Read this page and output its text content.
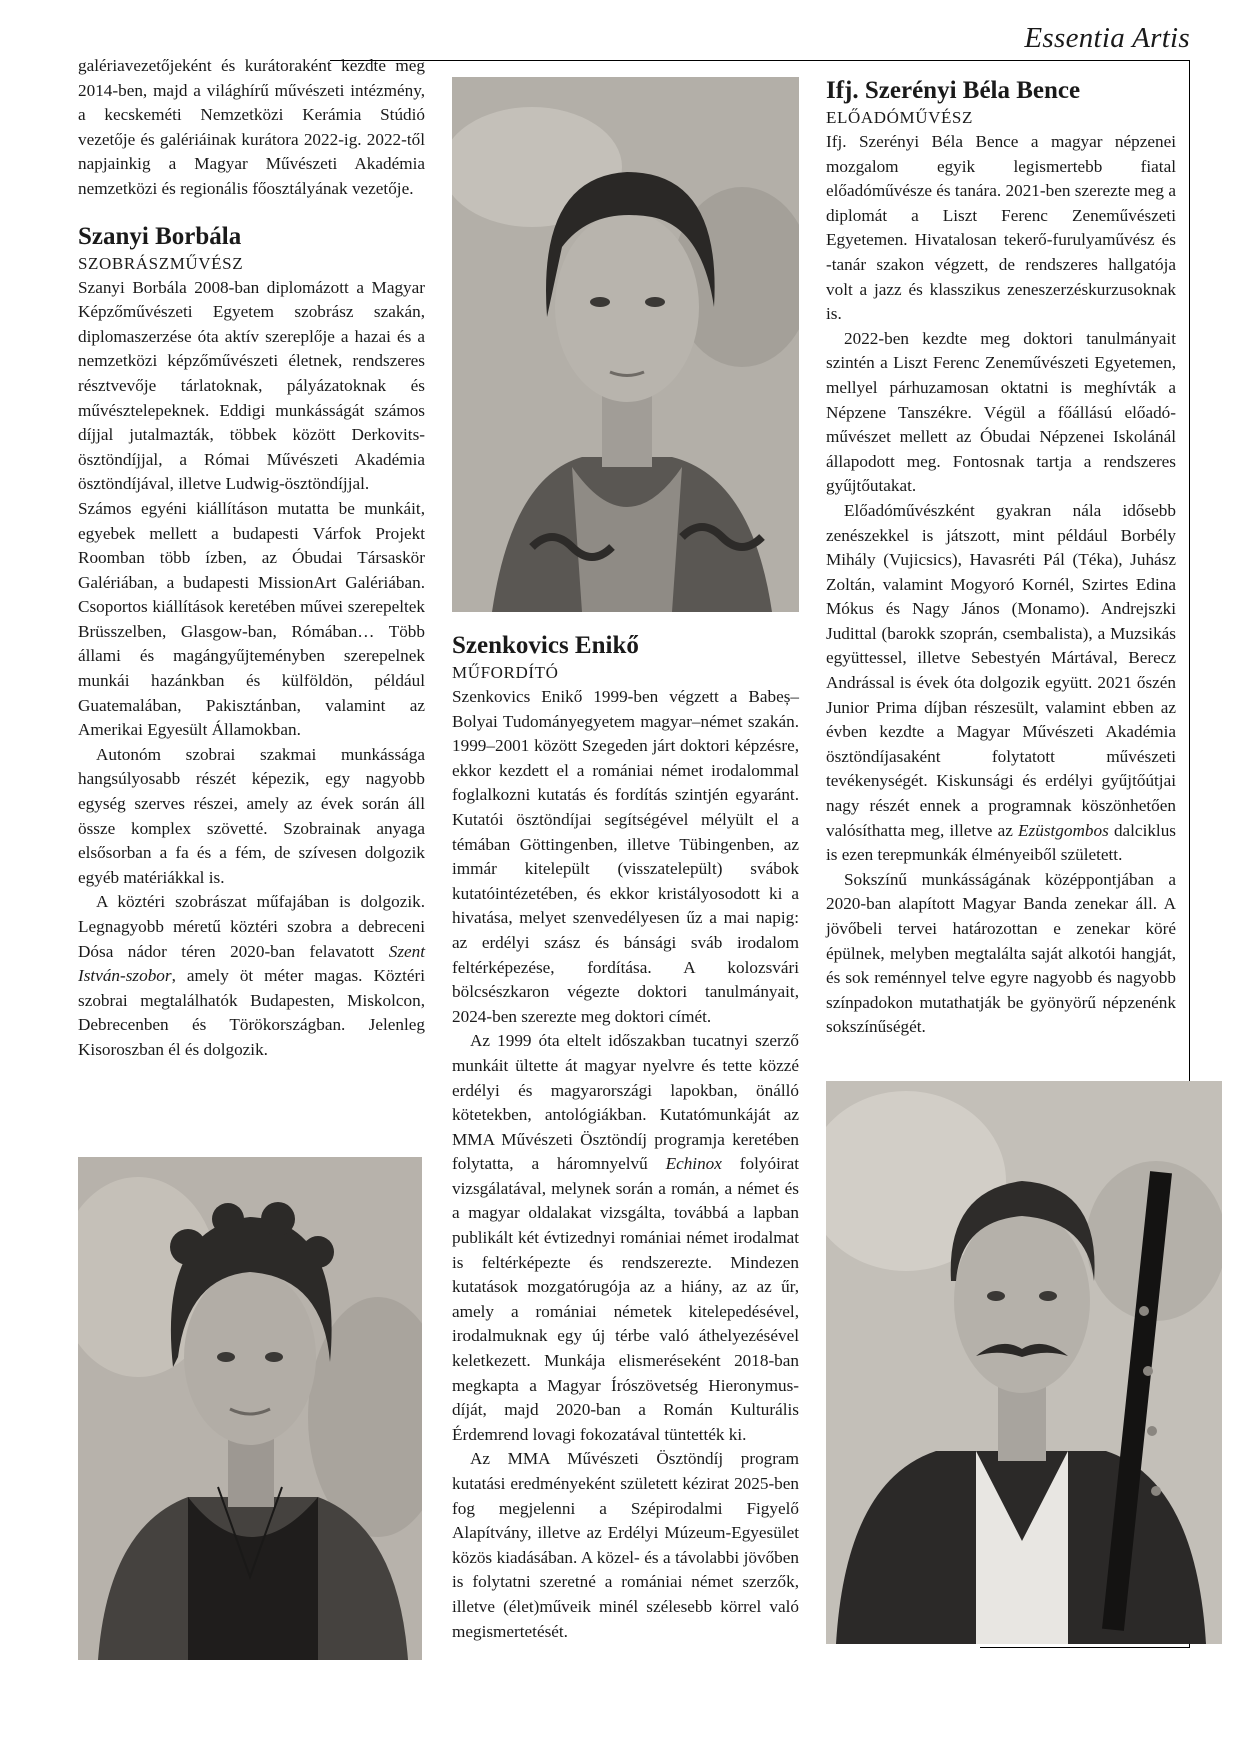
Essentia Artis

galériavezetőjeként és kurátoraként kezdte meg 2014-ben, majd a világhírű művészeti intézmény, a kecskeméti Nemzetközi Kerámia Stúdió vezetője és galériáinak kurátora 2022-ig. 2022-től napjainkig a Magyar Művészeti Akadémia nemzetközi és regionális főosztályának vezetője.

Szanyi Borbála
SZOBRÁSZMŰVÉSZ

Szanyi Borbála 2008-ban diplomázott a Magyar Képzőművészeti Egyetem szobrász szakán, diplomaszerzése óta aktív szereplője a hazai és a nemzetközi képzőművészeti életnek, rendszeres résztvevője tárlatoknak, pályázatoknak és művésztelepeknek. Eddigi munkásságát számos díjjal jutalmazták, többek között Derkovits-ösztöndíjjal, a Római Művészeti Akadémia ösztöndíjával, illetve Ludwig-ösztöndíjjal.

Számos egyéni kiállításon mutatta be munkáit, egyebek mellett a budapesti Várfok Projekt Roomban több ízben, az Óbudai Társaskör Galériában, a budapesti MissionArt Galériában. Csoportos kiállítások keretében művei szerepeltek Brüsszelben, Glasgow-ban, Rómában… Több állami és magángyűjteményben szerepelnek munkái hazánkban és külföldön, például Guatemalában, Pakisztánban, valamint az Amerikai Egyesült Államokban.

Autonóm szobrai szakmai munkássága hangsúlyosabb részét képezik, egy nagyobb egység szerves részei, amely az évek során áll össze komplex szövetté. Szobrainak anyaga elsősorban a fa és a fém, de szívesen dolgozik egyéb matériákkal is.

A köztéri szobrászat műfajában is dolgozik. Legnagyobb méretű köztéri szobra a debreceni Dósa nádor téren 2020-ban felavatott Szent István-szobor, amely öt méter magas. Köztéri szobrai megtalálhatók Budapesten, Miskolcon, Debrecenben és Törökországban. Jelenleg Kisoroszban él és dolgozik.

Szenkovics Enikő
MŰFORDÍTÓ

Szenkovics Enikő 1999-ben végzett a Babeș–Bolyai Tudományegyetem magyar–német szakán. 1999–2001 között Szegeden járt doktori képzésre, ekkor kezdett el a romániai német irodalommal foglalkozni kutatás és fordítás szintjén egyaránt. Kutatói ösztöndíjai segítségével mélyült el a témában Göttingenben, illetve Tübingenben, az immár kitelepült (visszatelepült) svábok kutatóintézetében, és ekkor kristályosodott ki a hivatása, melyet szenvedélyesen űz a mai napig: az erdélyi szász és bánsági sváb irodalom feltérképezése, fordítása. A kolozsvári bölcsészkaron végezte doktori tanulmányait, 2024-ben szerezte meg doktori címét.

Az 1999 óta eltelt időszakban tucatnyi szerző munkáit ültette át magyar nyelvre és tette közzé erdélyi és magyarországi lapokban, önálló kötetekben, antológiákban. Kutatómunkáját az MMA Művészeti Ösztöndíj programja keretében folytatta, a háromnyelvű Echinox folyóirat vizsgálatával, melynek során a román, a német és a magyar oldalakat vizsgálta, továbbá a lapban publikált két évtizednyi romániai német irodalmat is feltérképezte és rendszerezte. Mindezen kutatások mozgatórugója az a hiány, az az űr, amely a romániai németek kitelepedésével, irodalmuknak egy új térbe való áthelyezésével keletkezett. Munkája elismeréseként 2018-ban megkapta a Magyar Írószövetség Hieronymus-díját, majd 2020-ban a Román Kulturális Érdemrend lovagi fokozatával tüntették ki.

Az MMA Művészeti Ösztöndíj program kutatási eredményeként született kézirat 2025-ben fog megjelenni a Szépirodalmi Figyelő Alapítvány, illetve az Erdélyi Múzeum-Egyesület közös kiadásában. A közel- és a távolabbi jövőben is folytatni szeretné a romániai német szerzők, illetve (élet)műveik minél szélesebb körrel való megismertetését.

Ifj. Szerényi Béla Bence
ELŐADÓMŰVÉSZ

Ifj. Szerényi Béla Bence a magyar népzenei mozgalom egyik legismertebb fiatal előadóművésze és tanára. 2021-ben szerezte meg a diplomát a Liszt Ferenc Zeneművészeti Egyetemen. Hivatalosan tekerő-furulyaművész és -tanár szakon végzett, de rendszeres hallgatója volt a jazz és klasszikus zeneszerzéskurzusoknak is.

2022-ben kezdte meg doktori tanulmányait szintén a Liszt Ferenc Zeneművészeti Egyetemen, mellyel párhuzamosan oktatni is meghívták a Népzene Tanszékre. Végül a főállású előadó-művészet mellett az Óbudai Népzenei Iskolánál állapodott meg. Fontosnak tartja a rendszeres gyűjtőutakat.

Előadóművészként gyakran nála idősebb zenészekkel is játszott, mint például Borbély Mihály (Vujicsics), Havasréti Pál (Téka), Juhász Zoltán, valamint Mogyoró Kornél, Szirtes Edina Mókus és Nagy János (Monamo). Andrejszki Judittal (barokk szoprán, csembalista), a Muzsikás együttessel, illetve Sebestyén Mártával, Berecz Andrással is évek óta dolgozik együtt. 2021 őszén Junior Prima díjban részesült, valamint ebben az évben kezdte a Magyar Művészeti Akadémia ösztöndíjasaként folytatott művészeti tevékenységét. Kiskunsági és erdélyi gyűjtőútjai nagy részét ennek a programnak köszönhetően valósíthatta meg, illetve az Ezüstgombos dalciklus is ezen terepmunkák élményeiből született.

Sokszínű munkásságának középpontjában a 2020-ban alapított Magyar Banda zenekar áll. A jövőbeli tervei határozottan e zenekar köré épülnek, melyben megtalálta saját alkotói hangját, és sok reménnyel telve egyre nagyobb és nagyobb színpadokon mutathatják be gyönyörű népzenénk sokszínűségét.
